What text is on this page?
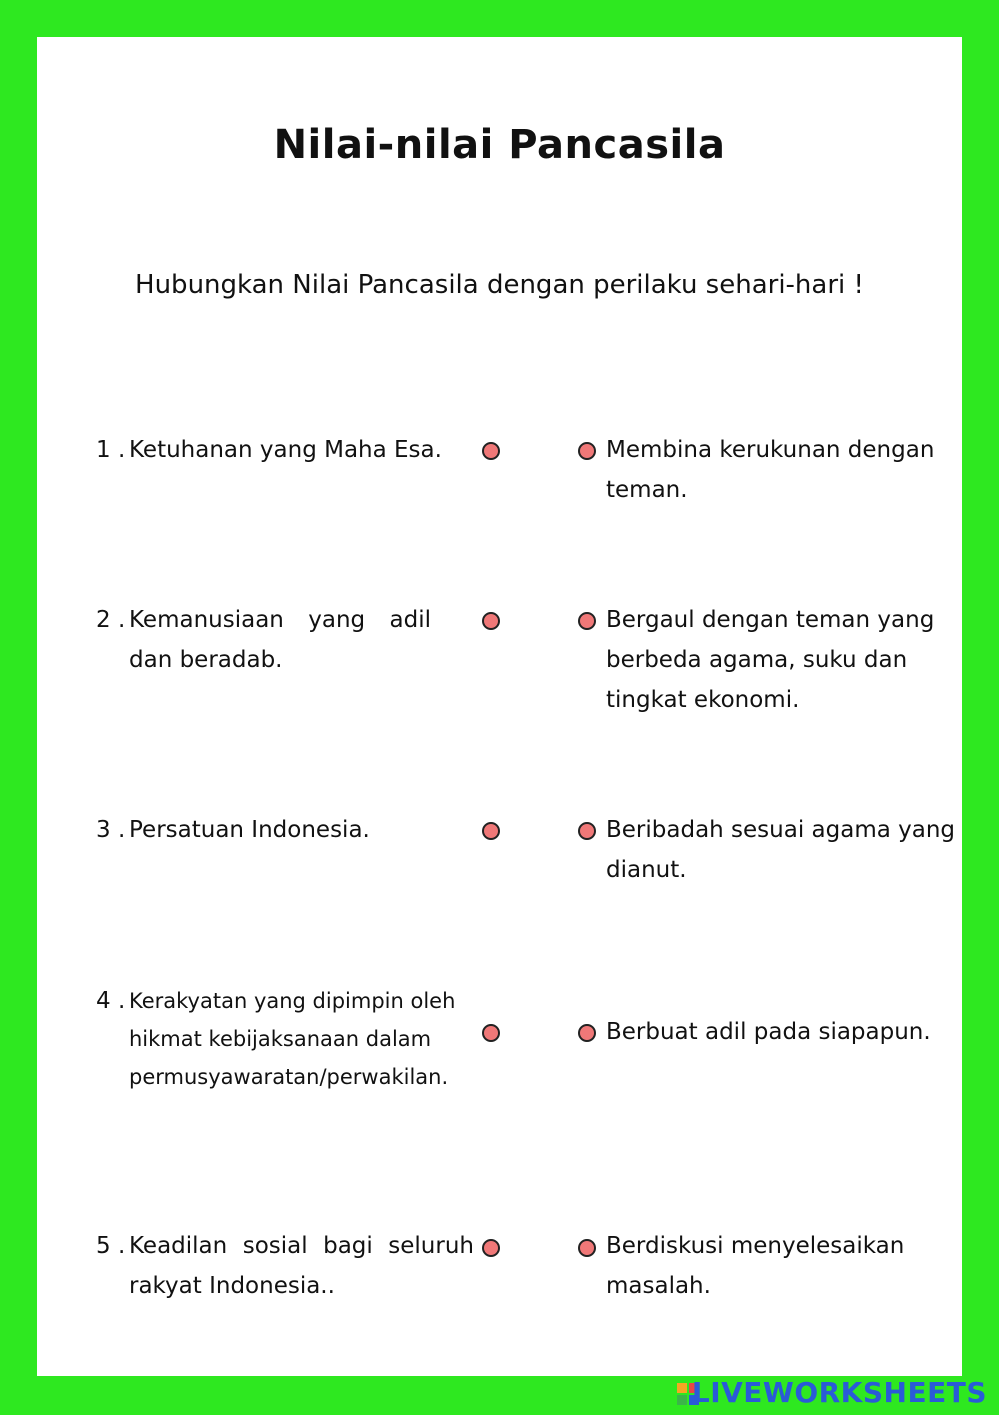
Nilai-nilai Pancasila
Hubungkan Nilai Pancasila dengan perilaku sehari-hari !
1 . Ketuhanan yang Maha Esa.
2 . Kemanusiaan yang adil dan beradab.
3 . Persatuan Indonesia.
4 . Kerakyatan yang dipimpin oleh hikmat kebijaksanaan dalam permusyawaratan/perwakilan.
5 . Keadilan sosial bagi seluruh rakyat Indonesia..
Membina kerukunan dengan teman.
Bergaul dengan teman yang berbeda agama, suku dan tingkat ekonomi.
Beribadah sesuai agama yang dianut.
Berbuat adil pada siapapun.
Berdiskusi menyelesaikan masalah.
LIVEWORKSHEETS
